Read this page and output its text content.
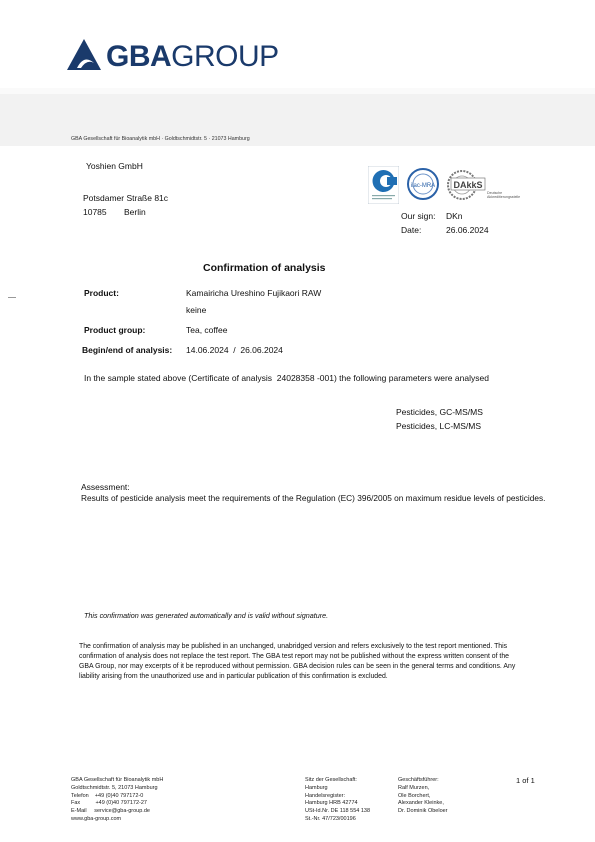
GBAGROUP
GBA Gesellschaft für Bioanalytik mbH · Goldtschmidtstr. 5 · 21073 Hamburg
Yoshien GmbH
Potsdamer Straße 81c
10785 Berlin
ilac-MRA DAkkS
Deutsche
Akkreditierungsstelle
Our sign: DKn
Date:	26.06.2024
Confirmation of analysis
Product:	Kamairicha Ureshino Fujikaori RAW
keine
Product group:	Tea, coffee
Begin/end of analysis: 14.06.2024  /  26.06.2024
In the sample stated above (Certificate of analysis  24028358 -001) the following parameters were analysed
Pesticides, GC-MS/MS
Pesticides, LC-MS/MS
Assessment:
Results of pesticide analysis meet the requirements of the Regulation (EC) 396/2005 on maximum residue levels of pesticides.
This confirmation was generated automatically and is valid without signature.
The confirmation of analysis may be published in an unchanged, unabridged version and refers exclusively to the test report mentioned. This confirmation of analysis does not replace the test report. The GBA test report may not be published without the express written consent of the GBA Group, nor may excerpts of it be reproduced without permission. GBA decision rules can be seen in the general terms and conditions. Any liability arising from the unauthorized use and in particular publication of this confirmation is excluded.
GBA Gesellschaft für Bioanalytik mbH
Goldtschmidtstr. 5, 21073 Hamburg
Telefon    +49 (0)40 797172-0
Fax          +49 (0)40 797172-27
E-Mail     service@gba-group.de
www.gba-group.com
Sitz der Gesellschaft:
Hamburg
Handelsregister:
Hamburg HRB 42774
USt-Id.Nr. DE 118 554 138
St.-Nr. 47/723/00196
Geschäftsführer:
Ralf Murzen,
Ole Borchert,
Alexander Kleinke,
Dr. Dominik Obeloer
1 of 1
